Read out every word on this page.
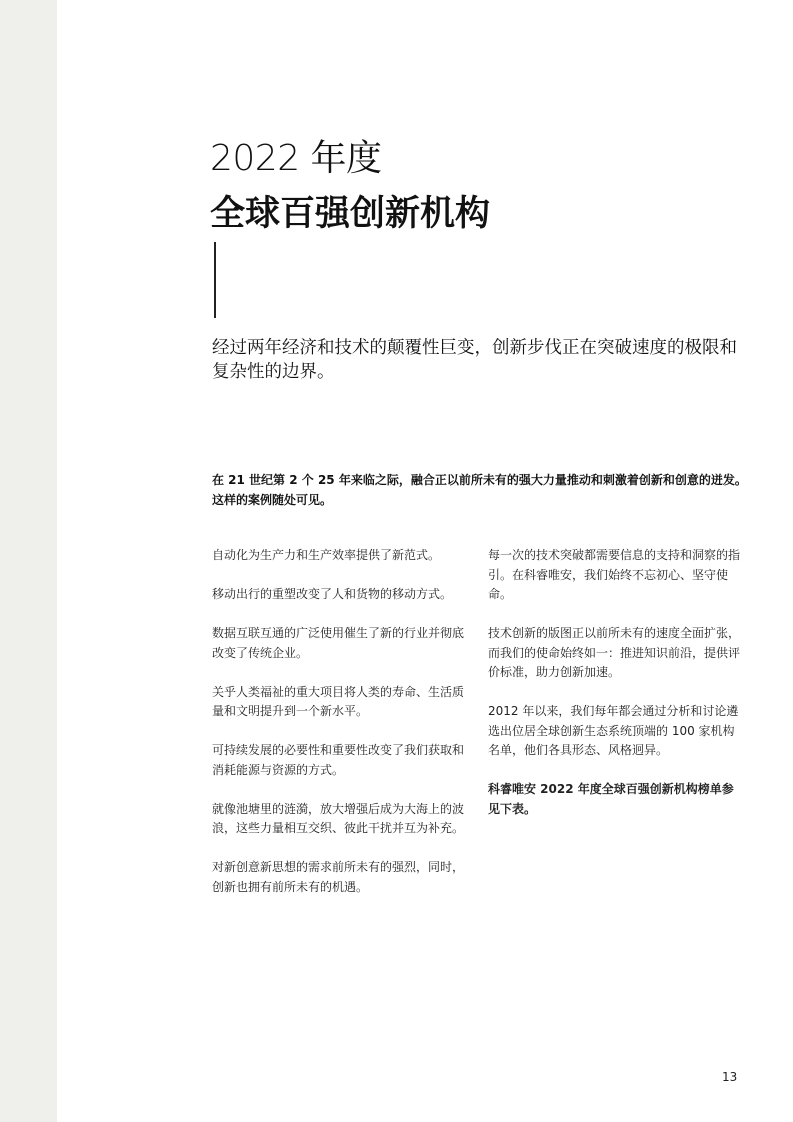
2022 年度
全球百强创新机构
经过两年经济和技术的颠覆性巨变，创新步伐正在突破速度的极限和复杂性的边界。
在 21 世纪第 2 个 25 年来临之际，融合正以前所未有的强大力量推动和刺激着创新和创意的迸发。这样的案例随处可见。

自动化为生产力和生产效率提供了新范式。

移动出行的重塑改变了人和货物的移动方式。

数据互联互通的广泛使用催生了新的行业并彻底改变了传统企业。

关乎人类福祉的重大项目将人类的寿命、生活质量和文明提升到一个新水平。

可持续发展的必要性和重要性改变了我们获取和消耗能源与资源的方式。

就像池塘里的涟漪，放大增强后成为大海上的波浪，这些力量相互交织、彼此干扰并互为补充。

对新创意新思想的需求前所未有的强烈，同时，创新也拥有前所未有的机遇。

每一次的技术突破都需要信息的支持和洞察的指引。在科睿唯安，我们始终不忘初心、坚守使命。

技术创新的版图正以前所未有的速度全面扩张，而我们的使命始终如一：推进知识前沿，提供评价标准，助力创新加速。

2012 年以来，我们每年都会通过分析和讨论遴选出位居全球创新生态系统顶端的 100 家机构名单，他们各具形态、风格迥异。

科睿唯安 2022 年度全球百强创新机构榜单参见下表。

13
